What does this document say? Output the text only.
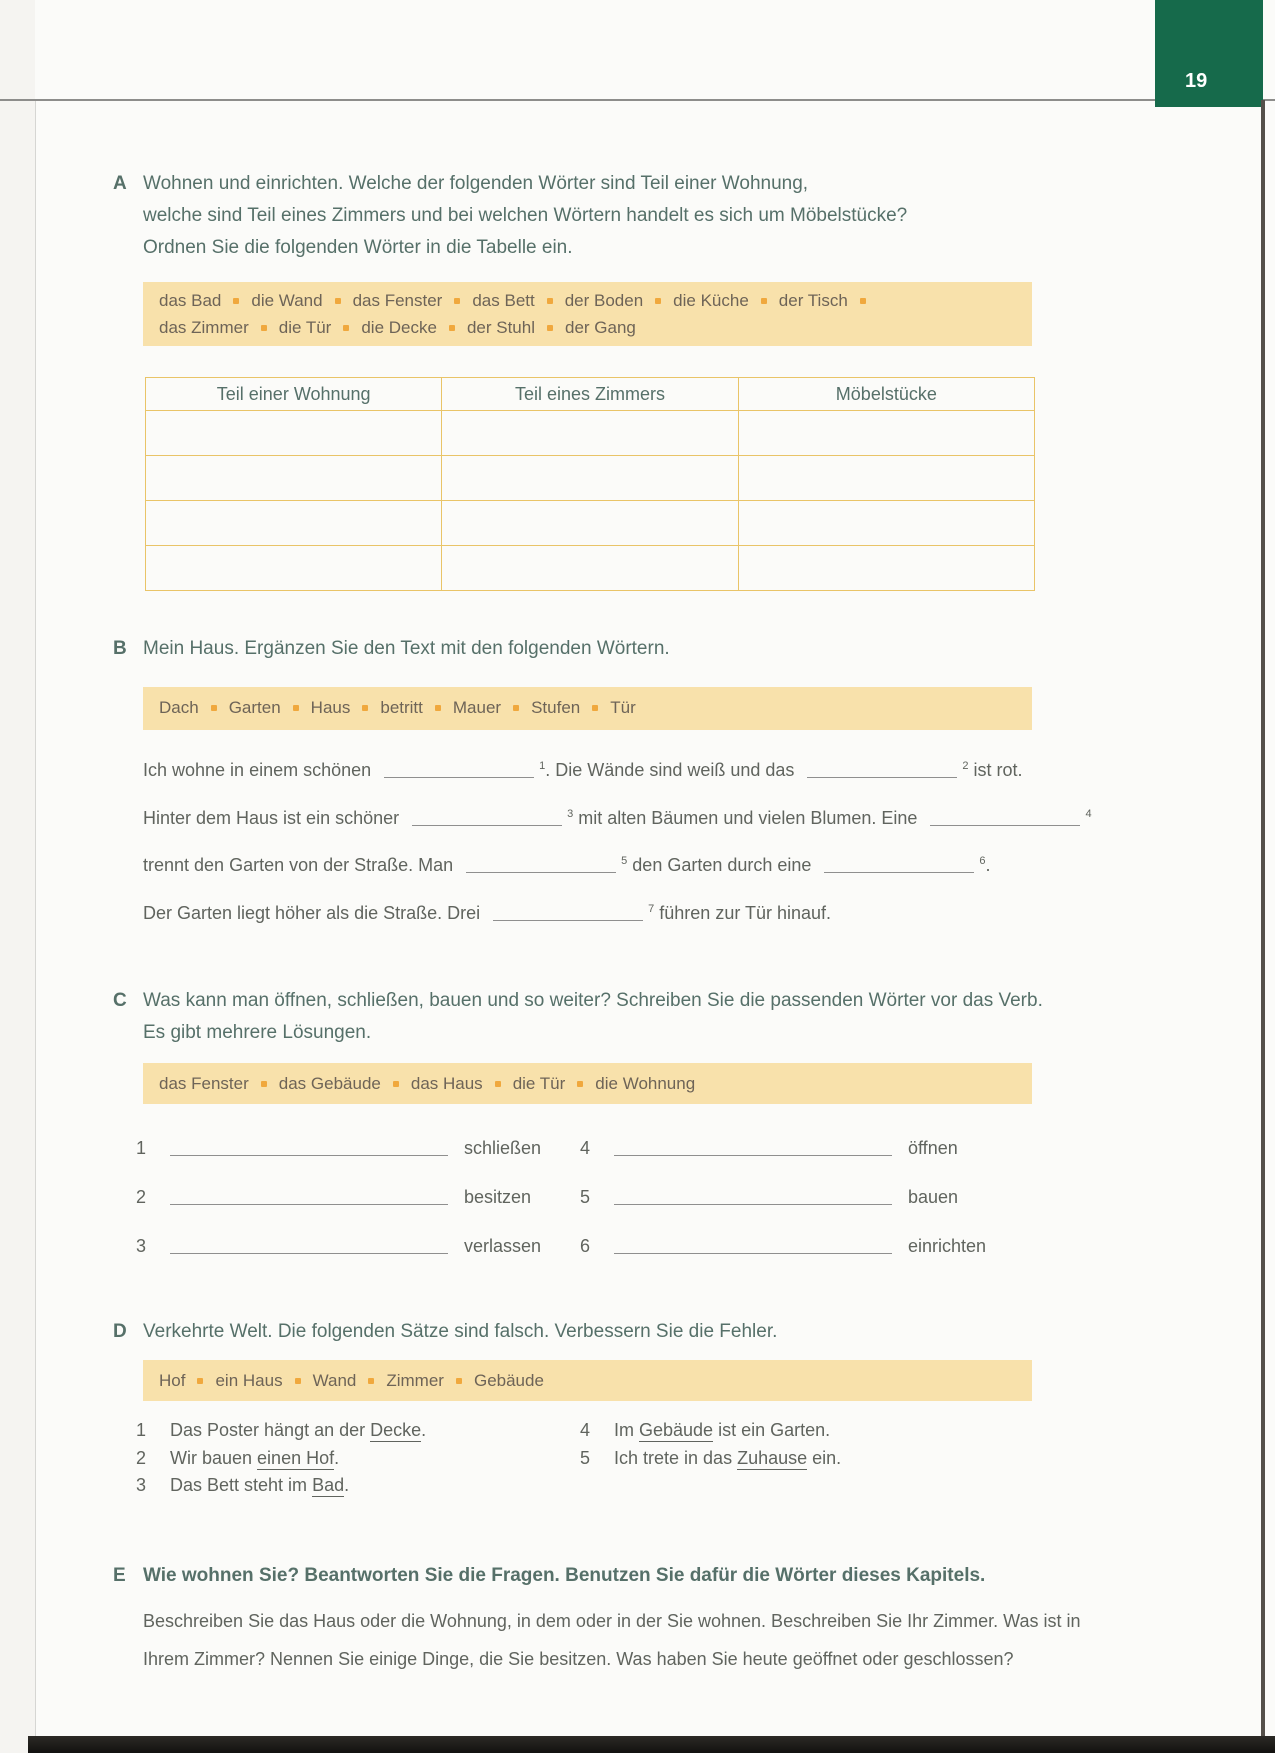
19
A Wohnen und einrichten. Welche der folgenden Wörter sind Teil einer Wohnung,
welche sind Teil eines Zimmers und bei welchen Wörtern handelt es sich um Möbelstücke?
Ordnen Sie die folgenden Wörter in die Tabelle ein.
das Bad die Wand das Fenster das Bett der Boden die Küche der Tisch
das Zimmer die Tür die Decke der Stuhl der Gang
Teil einer Wohnung	Teil eines Zimmers	Möbelstücke

B Mein Haus. Ergänzen Sie den Text mit den folgenden Wörtern.
Dach Garten Haus betritt Mauer Stufen Tür
Ich wohne in einem schönen	$^1$. Die Wände sind weiß und das	$^2$ ist rot.
Hinter dem Haus ist ein schöner	$^3$ mit alten Bäumen und vielen Blumen. Eine	$^4$
trennt den Garten von der Straße. Man	$^5$ den Garten durch eine	$^6$.
Der Garten liegt höher als die Straße. Drei	$^7$ führen zur Tür hinauf.
C Was kann man öffnen, schließen, bauen und so weiter? Schreiben Sie die passenden Wörter vor das Verb.
Es gibt mehrere Lösungen.
das Fenster das Gebäude das Haus die Tür die Wohnung
1	schließen
2	besitzen
3	verlassen
4	öffnen
5	bauen
6	einrichten
D Verkehrte Welt. Die folgenden Sätze sind falsch. Verbessern Sie die Fehler.
Hof ein Haus Wand Zimmer Gebäude
1	Das Poster hängt an der Decke.
2	Wir bauen einen Hof.
3	Das Bett steht im Bad.
4	Im Gebäude ist ein Garten.
5	Ich trete in das Zuhause ein.
E Wie wohnen Sie? Beantworten Sie die Fragen. Benutzen Sie dafür die Wörter dieses Kapitels.
Beschreiben Sie das Haus oder die Wohnung, in dem oder in der Sie wohnen. Beschreiben Sie Ihr Zimmer. Was ist in
Ihrem Zimmer? Nennen Sie einige Dinge, die Sie besitzen. Was haben Sie heute geöffnet oder geschlossen?
